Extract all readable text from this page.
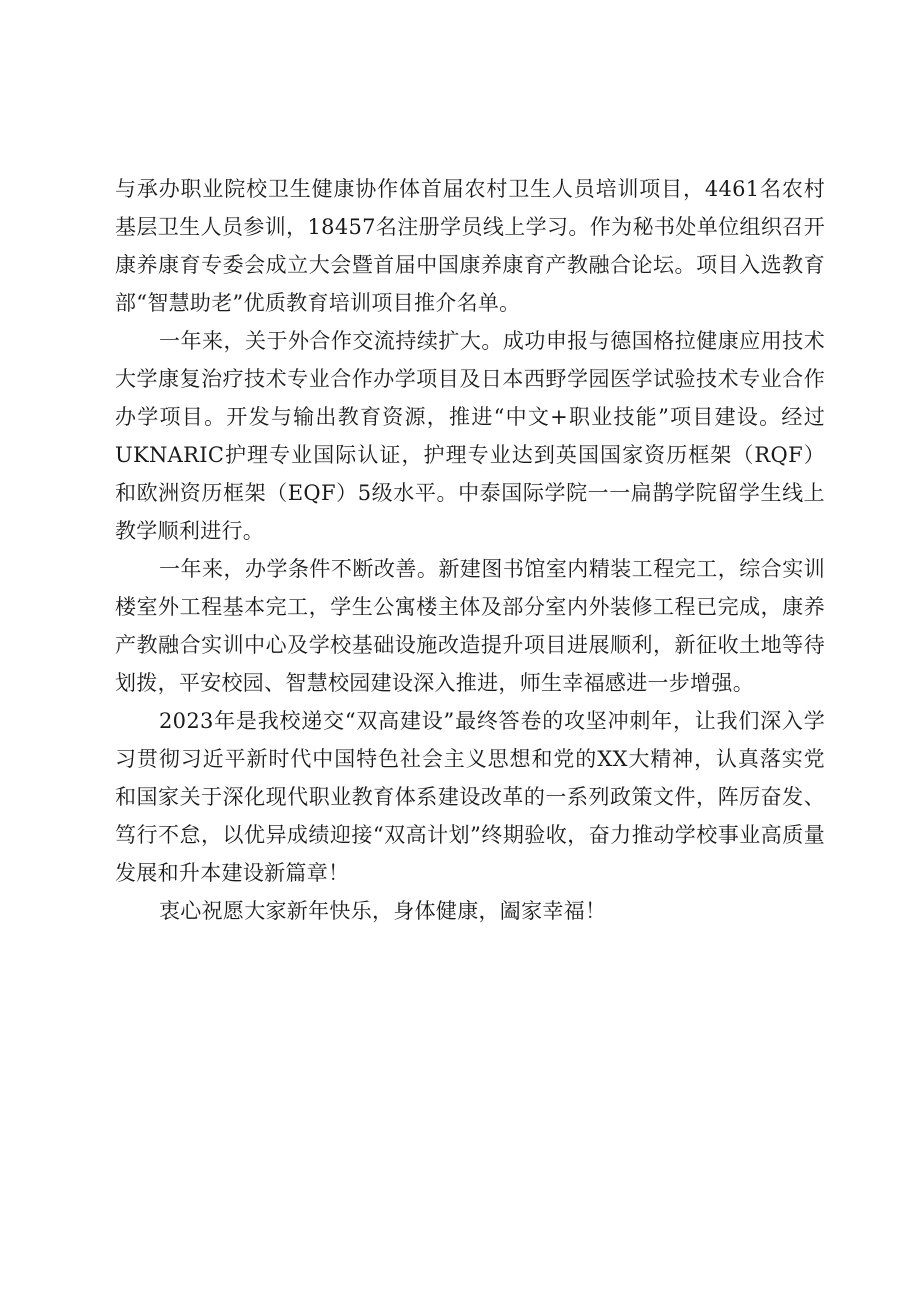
与承办职业院校卫生健康协作体首届农村卫生人员培训项目，4461名农村基层卫生人员参训，18457名注册学员线上学习。作为秘书处单位组织召开康养康育专委会成立大会暨首届中国康养康育产教融合论坛。项目入选教育部“智慧助老”优质教育培训项目推介名单。

一年来，关于外合作交流持续扩大。成功申报与德国格拉健康应用技术大学康复治疗技术专业合作办学项目及日本西野学园医学试验技术专业合作办学项目。开发与输出教育资源，推进“中文+职业技能”项目建设。经过UKNARIC护理专业国际认证，护理专业达到英国国家资历框架（RQF）和欧洲资历框架（EQF）5级水平。中泰国际学院一一扁鹊学院留学生线上教学顺利进行。

一年来，办学条件不断改善。新建图书馆室内精装工程完工，综合实训楼室外工程基本完工，学生公寓楼主体及部分室内外装修工程已完成，康养产教融合实训中心及学校基础设施改造提升项目进展顺利，新征收土地等待划拨，平安校园、智慧校园建设深入推进，师生幸福感进一步增强。

2023年是我校递交“双高建设”最终答卷的攻坚冲刺年，让我们深入学习贯彻习近平新时代中国特色社会主义思想和党的XX大精神，认真落实党和国家关于深化现代职业教育体系建设改革的一系列政策文件，阵厉奋发、笃行不怠，以优异成绩迎接“双高计划”终期验收，奋力推动学校事业高质量发展和升本建设新篇章！

衷心祝愿大家新年快乐，身体健康，阖家幸福！
